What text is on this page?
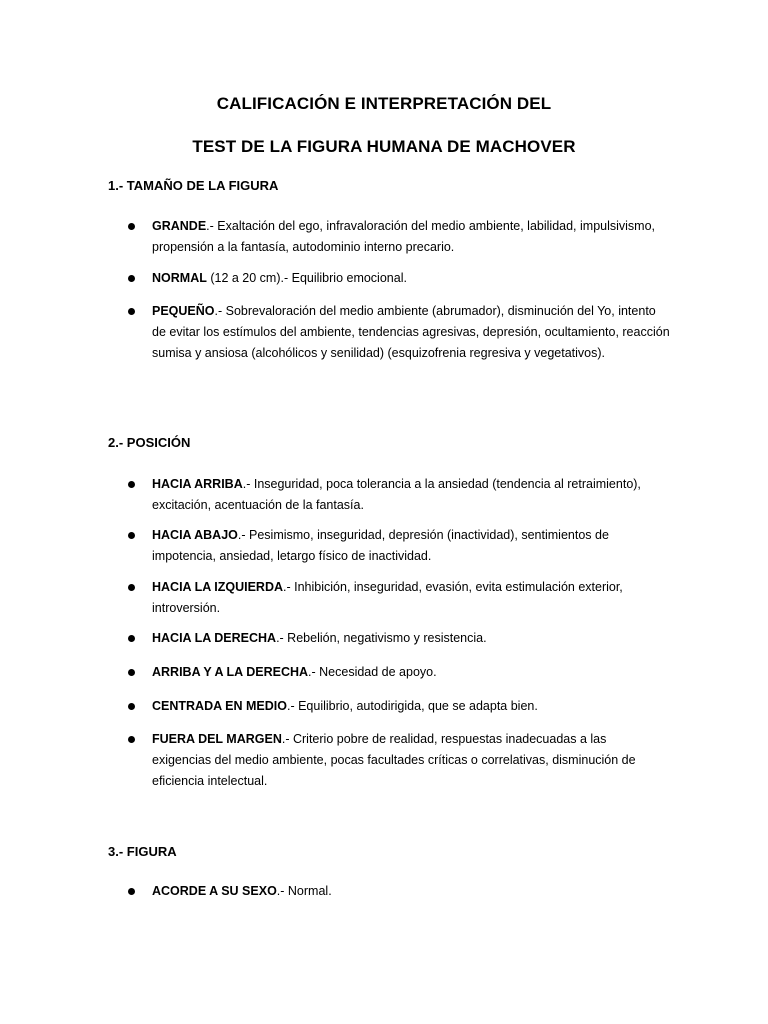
CALIFICACIÓN E INTERPRETACIÓN DEL
TEST DE LA FIGURA HUMANA DE MACHOVER
1.- TAMAÑO DE LA FIGURA
GRANDE.- Exaltación del ego, infravaloración del medio ambiente, labilidad, impulsivismo, propensión a la fantasía, autodominio interno precario.
NORMAL (12 a 20 cm).- Equilibrio emocional.
PEQUEÑO.- Sobrevaloración del medio ambiente (abrumador), disminución del Yo, intento de evitar los estímulos del ambiente, tendencias agresivas, depresión, ocultamiento, reacción sumisa y ansiosa (alcohólicos y senilidad) (esquizofrenia regresiva y vegetativos).
2.- POSICIÓN
HACIA ARRIBA.- Inseguridad, poca tolerancia a la ansiedad (tendencia al retraimiento), excitación, acentuación de la fantasía.
HACIA ABAJO.- Pesimismo, inseguridad, depresión (inactividad), sentimientos de impotencia, ansiedad, letargo físico de inactividad.
HACIA LA IZQUIERDA.- Inhibición, inseguridad, evasión, evita estimulación exterior, introversión.
HACIA LA DERECHA.- Rebelión, negativismo y resistencia.
ARRIBA Y A LA DERECHA.- Necesidad de apoyo.
CENTRADA EN MEDIO.- Equilibrio, autodirigida, que se adapta bien.
FUERA DEL MARGEN.- Criterio pobre de realidad, respuestas inadecuadas a las exigencias del medio ambiente, pocas facultades críticas o correlativas, disminución de eficiencia intelectual.
3.- FIGURA
ACORDE A SU SEXO.- Normal.
